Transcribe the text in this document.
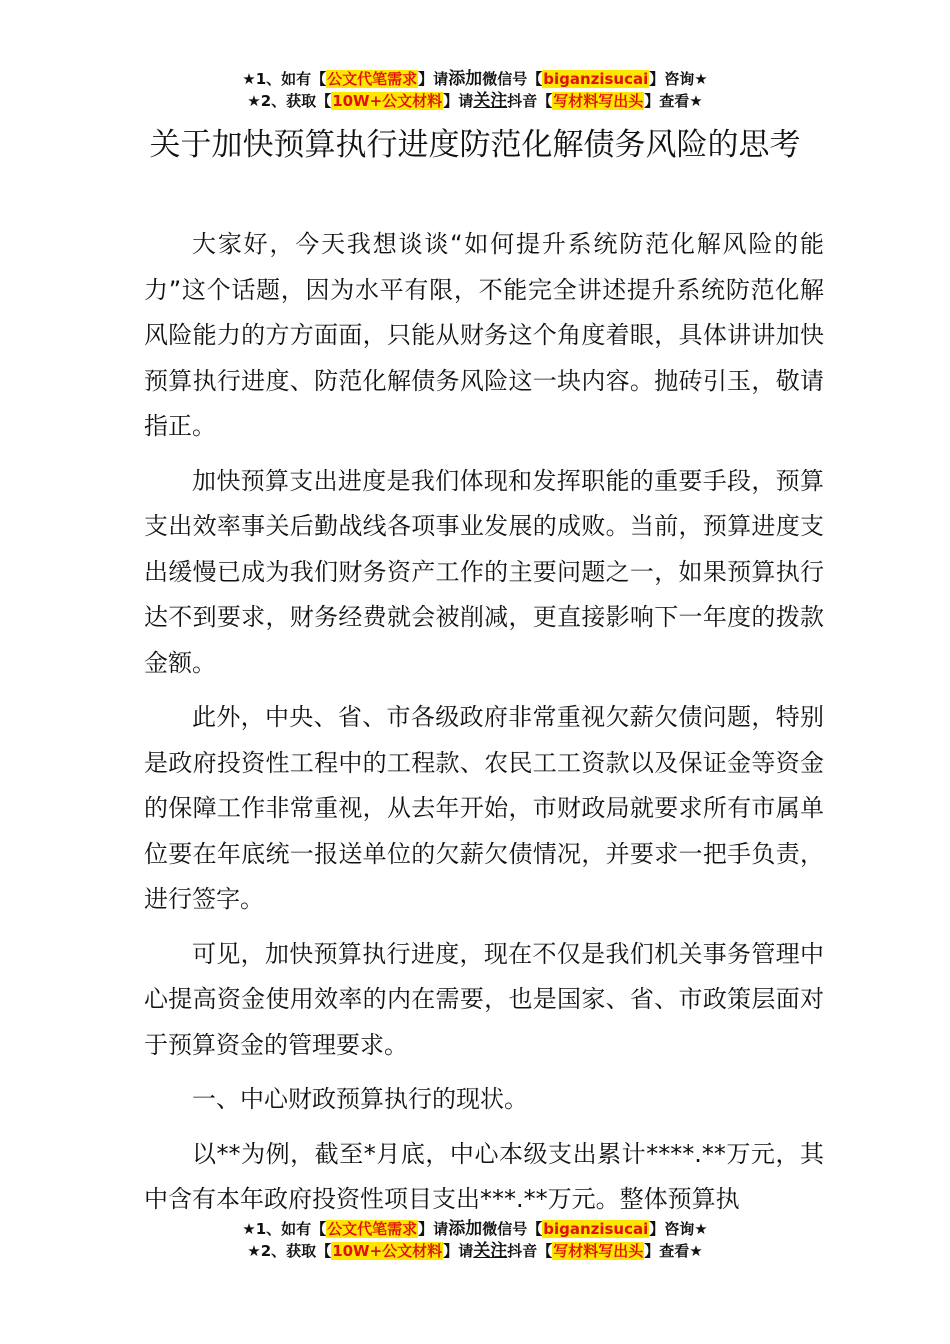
★1、如有【公文代笔需求】请添加微信号【biganzisucai】咨询★
★2、获取【10W+公文材料】请关注抖音【写材料写出头】查看★
关于加快预算执行进度防范化解债务风险的思考

大家好，今天我想谈谈“如何提升系统防范化解风险的能力”这个话题，因为水平有限，不能完全讲述提升系统防范化解风险能力的方方面面，只能从财务这个角度着眼，具体讲讲加快预算执行进度、防范化解债务风险这一块内容。抛砖引玉，敬请指正。

加快预算支出进度是我们体现和发挥职能的重要手段，预算支出效率事关后勤战线各项事业发展的成败。当前，预算进度支出缓慢已成为我们财务资产工作的主要问题之一，如果预算执行达不到要求，财务经费就会被削减，更直接影响下一年度的拨款金额。

此外，中央、省、市各级政府非常重视欠薪欠债问题，特别是政府投资性工程中的工程款、农民工工资款以及保证金等资金的保障工作非常重视，从去年开始，市财政局就要求所有市属单位要在年底统一报送单位的欠薪欠债情况，并要求一把手负责，进行签字。

可见，加快预算执行进度，现在不仅是我们机关事务管理中心提高资金使用效率的内在需要，也是国家、省、市政策层面对于预算资金的管理要求。

一、中心财政预算执行的现状。

以**为例，截至*月底，中心本级支出累计****.**万元，其中含有本年政府投资性项目支出***.**万元。整体预算执

★1、如有【公文代笔需求】请添加微信号【biganzisucai】咨询★
★2、获取【10W+公文材料】请关注抖音【写材料写出头】查看★
